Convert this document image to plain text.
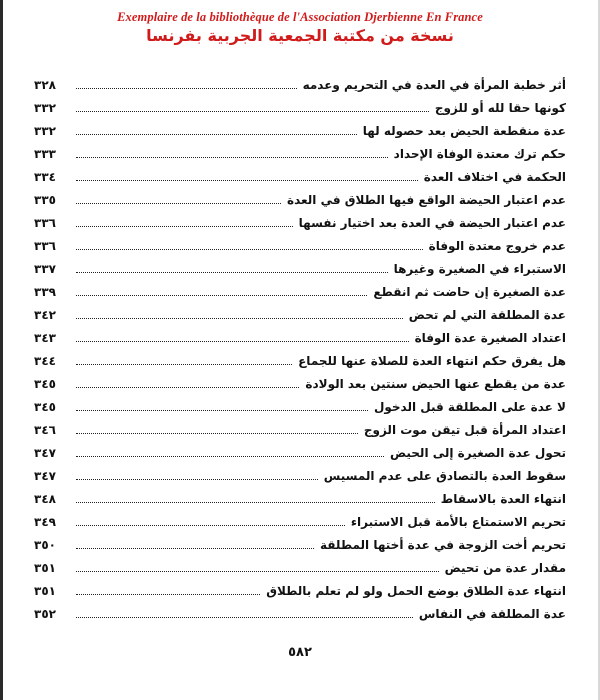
Exemplaire de la bibliothèque de l'Association Djerbienne En France
نسخة من مكتبة الجمعية الجربية بفرنسا
أثر خطبة المرأة في العدة في التحريم وعدمه
٣٢٨
كونها حقا لله أو للزوج
٣٣٢
عدة منقطعة الحيض بعد حصوله لها
٣٣٢
حكم ترك معتدة الوفاة الإحداد
٣٣٣
الحكمة في اختلاف العدة
٣٣٤
عدم اعتبار الحيضة الواقع فيها الطلاق في العدة
٣٣٥
عدم اعتبار الحيضة في العدة بعد اختيار نفسها
٣٣٦
عدم خروج معتدة الوفاة
٣٣٦
الاستبراء في الصغيرة وغيرها
٣٣٧
عدة الصغيرة إن حاضت ثم انقطع
٣٣٩
عدة المطلقة التي لم تحض
٣٤٢
اعتداد الصغيرة عدة الوفاة
٣٤٣
هل يفرق حكم انتهاء العدة للصلاة عنها للجماع
٣٤٤
عدة من يقطع عنها الحيض سنتين بعد الولادة
٣٤٥
لا عدة على المطلقة قبل الدخول
٣٤٥
اعتداد المرأة قبل تيقن موت الزوج
٣٤٦
تحول عدة الصغيرة إلى الحيض
٣٤٧
سقوط العدة بالتصادق على عدم المسيس
٣٤٧
انتهاء العدة بالاسقاط
٣٤٨
تحريم الاستمتاع بالأمة قبل الاستبراء
٣٤٩
تحريم أخت الزوجة في عدة أختها المطلقة
٣٥٠
مقدار عدة من تحيض
٣٥١
انتهاء عدة الطلاق بوضع الحمل ولو لم تعلم بالطلاق
٣٥١
عدة المطلقة في النفاس
٣٥٢
٥٨٢
